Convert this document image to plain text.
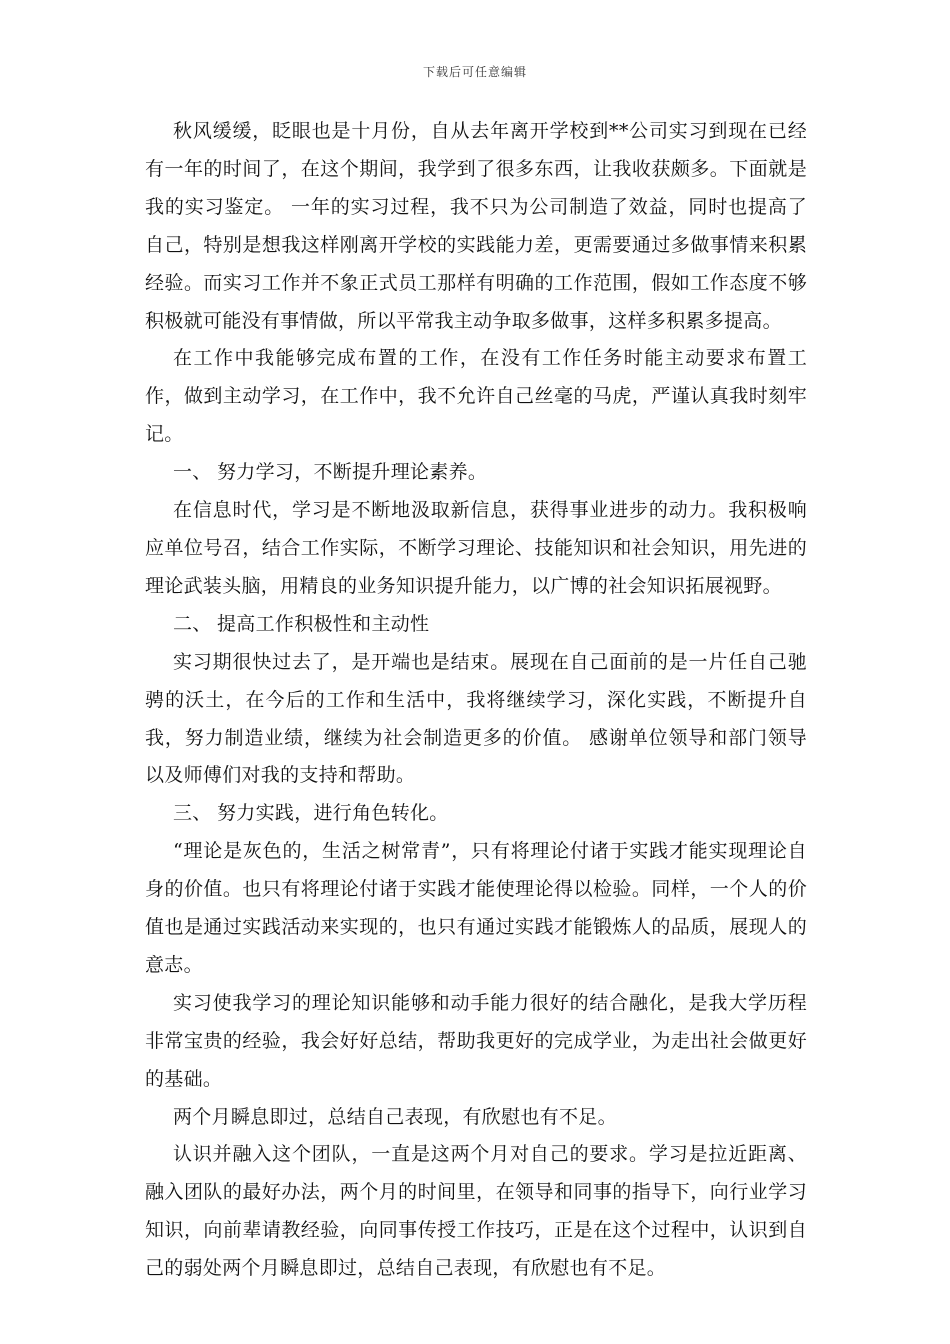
下载后可任意编辑

秋风缓缓，眨眼也是十月份，自从去年离开学校到**公司实习到现在已经有一年的时间了，在这个期间，我学到了很多东西，让我收获颇多。下面就是我的实习鉴定。 一年的实习过程，我不只为公司制造了效益，同时也提高了自己，特别是想我这样刚离开学校的实践能力差，更需要通过多做事情来积累经验。而实习工作并不象正式员工那样有明确的工作范围，假如工作态度不够积极就可能没有事情做，所以平常我主动争取多做事，这样多积累多提高。

在工作中我能够完成布置的工作，在没有工作任务时能主动要求布置工作，做到主动学习，在工作中，我不允许自己丝毫的马虎，严谨认真我时刻牢记。

一、 努力学习，不断提升理论素养。

在信息时代，学习是不断地汲取新信息，获得事业进步的动力。我积极响应单位号召，结合工作实际，不断学习理论、技能知识和社会知识，用先进的理论武装头脑，用精良的业务知识提升能力，以广博的社会知识拓展视野。

二、 提高工作积极性和主动性

实习期很快过去了，是开端也是结束。展现在自己面前的是一片任自己驰骋的沃土，在今后的工作和生活中，我将继续学习，深化实践，不断提升自我，努力制造业绩，继续为社会制造更多的价值。 感谢单位领导和部门领导以及师傅们对我的支持和帮助。

三、 努力实践，进行角色转化。

“理论是灰色的，生活之树常青”，只有将理论付诸于实践才能实现理论自身的价值。也只有将理论付诸于实践才能使理论得以检验。同样，一个人的价值也是通过实践活动来实现的，也只有通过实践才能锻炼人的品质，展现人的意志。

实习使我学习的理论知识能够和动手能力很好的结合融化，是我大学历程非常宝贵的经验，我会好好总结，帮助我更好的完成学业，为走出社会做更好的基础。

两个月瞬息即过，总结自己表现，有欣慰也有不足。

认识并融入这个团队，一直是这两个月对自己的要求。学习是拉近距离、融入团队的最好办法，两个月的时间里，在领导和同事的指导下，向行业学习知识，向前辈请教经验，向同事传授工作技巧，正是在这个过程中，认识到自己的弱处两个月瞬息即过，总结自己表现，有欣慰也有不足。
